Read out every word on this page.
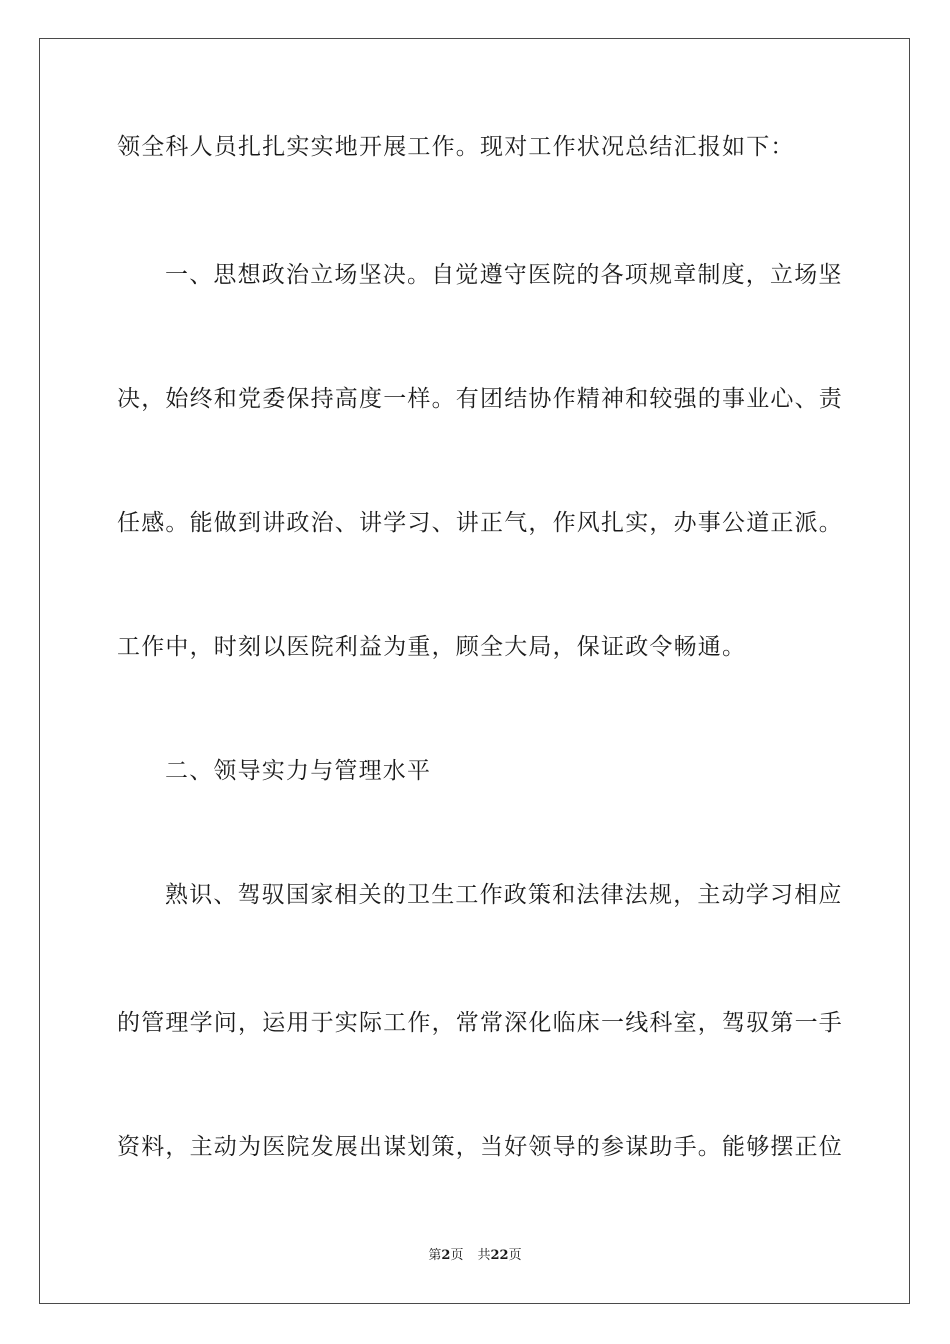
领全科人员扎扎实实地开展工作。现对工作状况总结汇报如下：
一、思想政治立场坚决。自觉遵守医院的各项规章制度，立场坚
决，始终和党委保持高度一样。有团结协作精神和较强的事业心、责
任感。能做到讲政治、讲学习、讲正气，作风扎实，办事公道正派。
工作中，时刻以医院利益为重，顾全大局，保证政令畅通。
二、领导实力与管理水平
熟识、驾驭国家相关的卫生工作政策和法律法规，主动学习相应
的管理学问，运用于实际工作，常常深化临床一线科室，驾驭第一手
资料，主动为医院发展出谋划策，当好领导的参谋助手。能够摆正位
第2页 共22页
